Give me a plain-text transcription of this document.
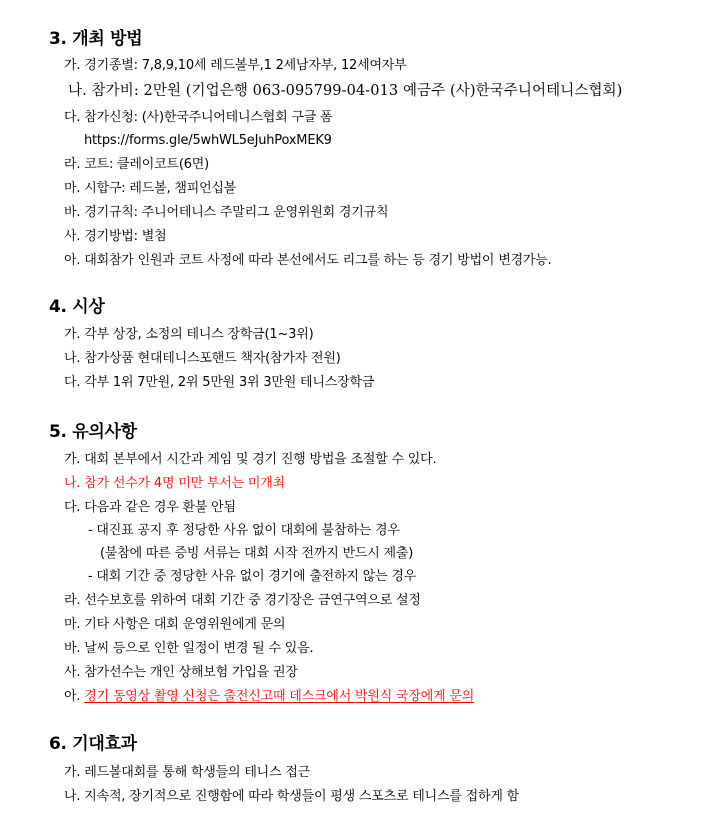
3. 개최 방법
가. 경기종별: 7,8,9,10세 레드볼부,1 2세남자부, 12세여자부
나. 참가비: 2만원 (기업은행 063-095799-04-013 예금주 (사)한국주니어테니스협회)
다. 참가신청: (사)한국주니어테니스협회 구글 폼
https://forms.gle/5whWL5eJuhPoxMEK9
라. 코트: 클레이코트(6면)
마. 시합구: 레드볼, 챔피언십볼
바. 경기규칙: 주니어테니스 주말리그 운영위원회 경기규칙
사. 경기방법: 별첨
아. 대회참가 인원과 코트 사정에 따라 본선에서도 리그를 하는 등 경기 방법이 변경가능.
4. 시상
가. 각부 상장, 소정의 테니스 장학금(1~3위)
나. 참가상품 현대테니스포핸드 책자(참가자 전원)
다. 각부 1위 7만원, 2위 5만원 3위 3만원 테니스장학금
5. 유의사항
가. 대회 본부에서 시간과 게임 및 경기 진행 방법을 조절할 수 있다.
나. 참가 선수가 4명 미만 부서는 미개최
다. 다음과 같은 경우 환불 안됨
- 대진표 공지 후 정당한 사유 없이 대회에 불참하는 경우
(불참에 따른 증빙 서류는 대회 시작 전까지 반드시 제출)
- 대회 기간 중 정당한 사유 없이 경기에 출전하지 않는 경우
라. 선수보호를 위하여 대회 기간 중 경기장은 금연구역으로 설정
마. 기타 사항은 대회 운영위원에게 문의
바. 날씨 등으로 인한 일정이 변경 될 수 있음.
사. 참가선수는 개인 상해보험 가입을 권장
아. 경기 동영상 촬영 신청은 출전신고때 데스크에서 박원식 국장에게 문의
6. 기대효과
가. 레드볼대회를 통해 학생들의 테니스 접근
나. 지속적, 장기적으로 진행함에 따라 학생들이 평생 스포츠로 테니스를 접하게 함
